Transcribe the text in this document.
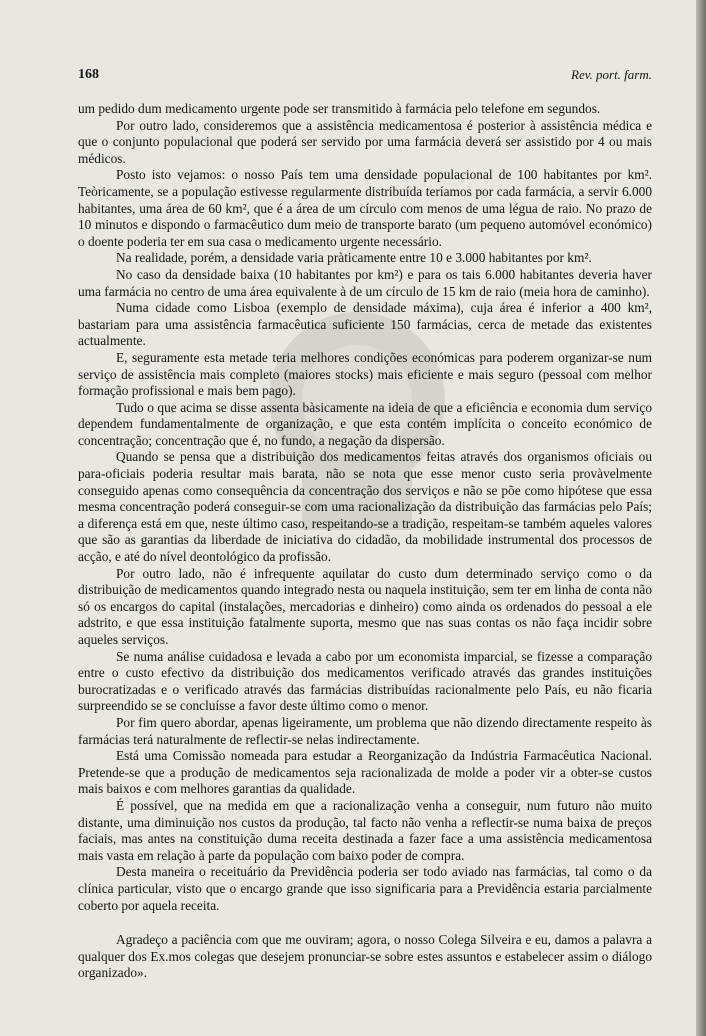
168	Rev. port. farm.

um pedido dum medicamento urgente pode ser transmitido à farmácia pelo telefone em segundos.

Por outro lado, consideremos que a assistência medicamentosa é posterior à assistência médica e que o conjunto populacional que poderá ser servido por uma farmácia deverá ser assistido por 4 ou mais médicos.

Posto isto vejamos: o nosso País tem uma densidade populacional de 100 habitantes por km². Teòricamente, se a população estivesse regularmente distribuída teríamos por cada farmácia, a servir 6.000 habitantes, uma área de 60 km², que é a área de um círculo com menos de uma légua de raio. No prazo de 10 minutos e dispondo o farmacêutico dum meio de transporte barato (um pequeno automóvel económico) o doente poderia ter em sua casa o medicamento urgente necessário.

Na realidade, porém, a densidade varia pràticamente entre 10 e 3.000 habitantes por km².

No caso da densidade baixa (10 habitantes por km²) e para os tais 6.000 habitantes deveria haver uma farmácia no centro de uma área equivalente à de um círculo de 15 km de raio (meia hora de caminho).

Numa cidade como Lisboa (exemplo de densidade máxima), cuja área é inferior a 400 km², bastariam para uma assistência farmacêutica suficiente 150 farmácias, cerca de metade das existentes actualmente.

E, seguramente esta metade teria melhores condições económicas para poderem organizar-se num serviço de assistência mais completo (maiores stocks) mais eficiente e mais seguro (pessoal com melhor formação profissional e mais bem pago).

Tudo o que acima se disse assenta bàsicamente na ideia de que a eficiência e economia dum serviço dependem fundamentalmente de organização, e que esta contém implícita o conceito económico de concentração; concentração que é, no fundo, a negação da dispersão.

Quando se pensa que a distribuição dos medicamentos feitas através dos organismos oficiais ou para-oficiais poderia resultar mais barata, não se nota que esse menor custo seria provàvelmente conseguido apenas como consequência da concentração dos serviços e não se põe como hipótese que essa mesma concentração poderá conseguir-se com uma racionalização da distribuição das farmácias pelo País; a diferença está em que, neste último caso, respeitando-se a tradição, respeitam-se também aqueles valores que são as garantias da liberdade de iniciativa do cidadão, da mobilidade instrumental dos processos de acção, e até do nível deontológico da profissão.

Por outro lado, não é infrequente aquilatar do custo dum determinado serviço como o da distribuição de medicamentos quando integrado nesta ou naquela instituição, sem ter em linha de conta não só os encargos do capital (instalações, mercadorias e dinheiro) como ainda os ordenados do pessoal a ele adstrito, e que essa instituição fatalmente suporta, mesmo que nas suas contas os não faça incidir sobre aqueles serviços.

Se numa análise cuidadosa e levada a cabo por um economista imparcial, se fizesse a comparação entre o custo efectivo da distribuição dos medicamentos verificado através das grandes instituições burocratizadas e o verificado através das farmácias distribuídas racionalmente pelo País, eu não ficaria surpreendido se se concluísse a favor deste último como o menor.

Por fim quero abordar, apenas ligeiramente, um problema que não dizendo directamente respeito às farmácias terá naturalmente de reflectir-se nelas indirectamente.

Está uma Comissão nomeada para estudar a Reorganização da Indústria Farmacêutica Nacional. Pretende-se que a produção de medicamentos seja racionalizada de molde a poder vir a obter-se custos mais baixos e com melhores garantias da qualidade.

É possível, que na medida em que a racionalização venha a conseguir, num futuro não muito distante, uma diminuição nos custos da produção, tal facto não venha a reflectir-se numa baixa de preços faciais, mas antes na constituição duma receita destinada a fazer face a uma assistência medicamentosa mais vasta em relação à parte da população com baixo poder de compra.

Desta maneira o receituário da Previdência poderia ser todo aviado nas farmácias, tal como o da clínica particular, visto que o encargo grande que isso significaria para a Previdência estaria parcialmente coberto por aquela receita.

Agradeço a paciência com que me ouviram; agora, o nosso Colega Silveira e eu, damos a palavra a qualquer dos Ex.mos colegas que desejem pronunciar-se sobre estes assuntos e estabelecer assim o diálogo organizado».
